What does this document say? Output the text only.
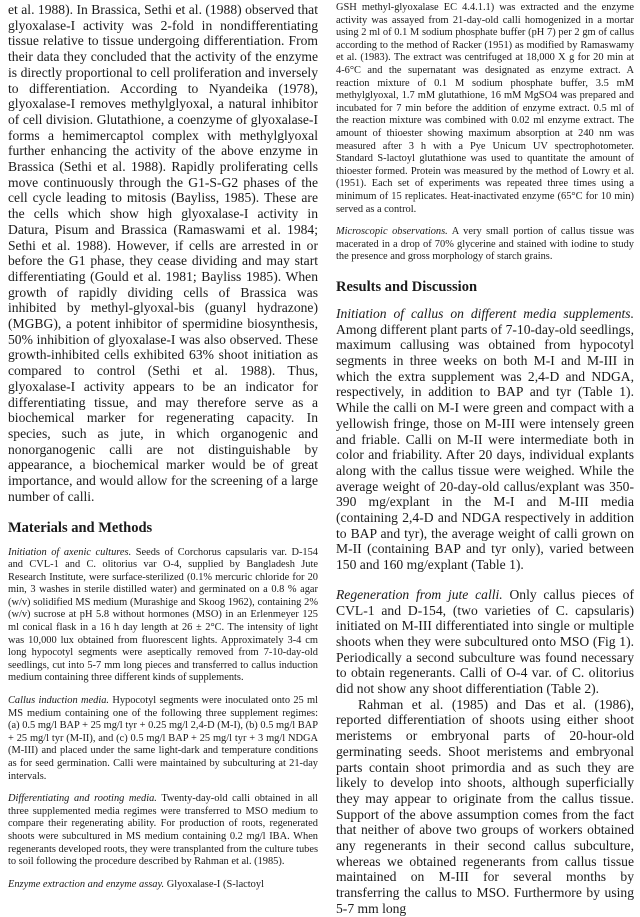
et al. 1988). In Brassica, Sethi et al. (1988) observed that glyoxalase-I activity was 2-fold in nondifferentiating tissue relative to tissue undergoing differentiation. From their data they concluded that the activity of the enzyme is directly proportional to cell proliferation and inversely to differentiation. According to Nyandeika (1978), glyoxalase-I removes methylglyoxal, a natural inhibitor of cell division. Glutathione, a coenzyme of glyoxalase-I forms a hemimercaptol complex with methylglyoxal further enhancing the activity of the above enzyme in Brassica (Sethi et al. 1988). Rapidly proliferating cells move continuously through the G1-S-G2 phases of the cell cycle leading to mitosis (Bayliss, 1985). These are the cells which show high glyoxalase-I activity in Datura, Pisum and Brassica (Ramaswami et al. 1984; Sethi et al. 1988). However, if cells are arrested in or before the G1 phase, they cease dividing and may start differentiating (Gould et al. 1981; Bayliss 1985). When growth of rapidly dividing cells of Brassica was inhibited by methyl-glyoxal-bis (guanyl hydrazone) (MGBG), a potent inhibitor of spermidine biosynthesis, 50% inhibition of glyoxalase-I was also observed. These growth-inhibited cells exhibited 63% shoot initiation as compared to control (Sethi et al. 1988). Thus, glyoxalase-I activity appears to be an indicator for differentiating tissue, and may therefore serve as a biochemical marker for regenerating capacity. In species, such as jute, in which organogenic and nonorganogenic calli are not distinguishable by appearance, a biochemical marker would be of great importance, and would allow for the screening of a large number of calli.

Materials and Methods

Initiation of axenic cultures. Seeds of Corchorus capsularis var. D-154 and CVL-1 and C. olitorius var O-4, supplied by Bangladesh Jute Research Institute, were surface-sterilized (0.1% mercuric chloride for 20 min, 3 washes in sterile distilled water) and germinated on a 0.8 % agar (w/v) solidified MS medium (Murashige and Skoog 1962), containing 2% (w/v) sucrose at pH 5.8 without hormones (MSO) in an Erlenmeyer 125 ml conical flask in a 16 h day length at 26 ± 2°C. The intensity of light was 10,000 lux obtained from fluorescent lights. Approximately 3-4 cm long hypocotyl segments were aseptically removed from 7-10-day-old seedlings, cut into 5-7 mm long pieces and transferred to callus induction medium containing three different kinds of supplements.

Callus induction media. Hypocotyl segments were inoculated onto 25 ml MS medium containing one of the following three supplement regimes: (a) 0.5 mg/l BAP + 25 mg/l tyr + 0.25 mg/l 2,4-D (M-I), (b) 0.5 mg/l BAP + 25 mg/l tyr (M-II), and (c) 0.5 mg/l BAP + 25 mg/l tyr + 3 mg/l NDGA (M-III) and placed under the same light-dark and temperature conditions as for seed germination. Calli were maintained by subculturing at 21-day intervals.

Differentiating and rooting media. Twenty-day-old calli obtained in all three supplemented media regimes were transferred to MSO medium to compare their regenerating ability. For production of roots, regenerated shoots were subcultured in MS medium containing 0.2 mg/l IBA. When regenerants developed roots, they were transplanted from the culture tubes to soil following the procedure described by Rahman et al. (1985).

Enzyme extraction and enzyme assay. Glyoxalase-I (S-lactoyl

GSH methyl-glyoxalase EC 4.4.1.1) was extracted and the enzyme activity was assayed from 21-day-old calli homogenized in a mortar using 2 ml of 0.1 M sodium phosphate buffer (pH 7) per 2 gm of callus according to the method of Racker (1951) as modified by Ramaswamy et al. (1983). The extract was centrifuged at 18,000 X g for 20 min at 4-6°C and the supernatant was designated as enzyme extract. A reaction mixture of 0.1 M sodium phosphate buffer, 3.5 mM methylglyoxal, 1.7 mM glutathione, 16 mM MgSO4 was prepared and incubated for 7 min before the addition of enzyme extract. 0.5 ml of the reaction mixture was combined with 0.02 ml enzyme extract. The amount of thioester showing maximum absorption at 240 nm was measured after 3 h with a Pye Unicum UV spectrophotometer. Standard S-lactoyl glutathione was used to quantitate the amount of thioester formed. Protein was measured by the method of Lowry et al. (1951). Each set of experiments was repeated three times using a minimum of 15 replicates. Heat-inactivated enzyme (65°C for 10 min) served as a control.

Microscopic observations. A very small portion of callus tissue was macerated in a drop of 70% glycerine and stained with iodine to study the presence and gross morphology of starch grains.

Results and Discussion

Initiation of callus on different media supplements. Among different plant parts of 7-10-day-old seedlings, maximum callusing was obtained from hypocotyl segments in three weeks on both M-I and M-III in which the extra supplement was 2,4-D and NDGA, respectively, in addition to BAP and tyr (Table 1). While the calli on M-I were green and compact with a yellowish fringe, those on M-III were intensely green and friable. Calli on M-II were intermediate both in color and friability. After 20 days, individual explants along with the callus tissue were weighed. While the average weight of 20-day-old callus/explant was 350-390 mg/explant in the M-I and M-III media (containing 2,4-D and NDGA respectively in addition to BAP and tyr), the average weight of calli grown on M-II (containing BAP and tyr only), varied between 150 and 160 mg/explant (Table 1).

Regeneration from jute calli. Only callus pieces of CVL-1 and D-154, (two varieties of C. capsularis) initiated on M-III differentiated into single or multiple shoots when they were subcultured onto MSO (Fig 1). Periodically a second subculture was found necessary to obtain regenerants. Calli of O-4 var. of C. olitorius did not show any shoot differentiation (Table 2).

Rahman et al. (1985) and Das et al. (1986), reported differentiation of shoots using either shoot meristems or embryonal parts of 20-hour-old germinating seeds. Shoot meristems and embryonal parts contain shoot primordia and as such they are likely to develop into shoots, although superficially they may appear to originate from the callus tissue. Support of the above assumption comes from the fact that neither of above two groups of workers obtained any regenerants in their second callus subculture, whereas we obtained regenerants from callus tissue maintained on M-III for several months by transferring the callus to MSO. Furthermore by using 5-7 mm long
